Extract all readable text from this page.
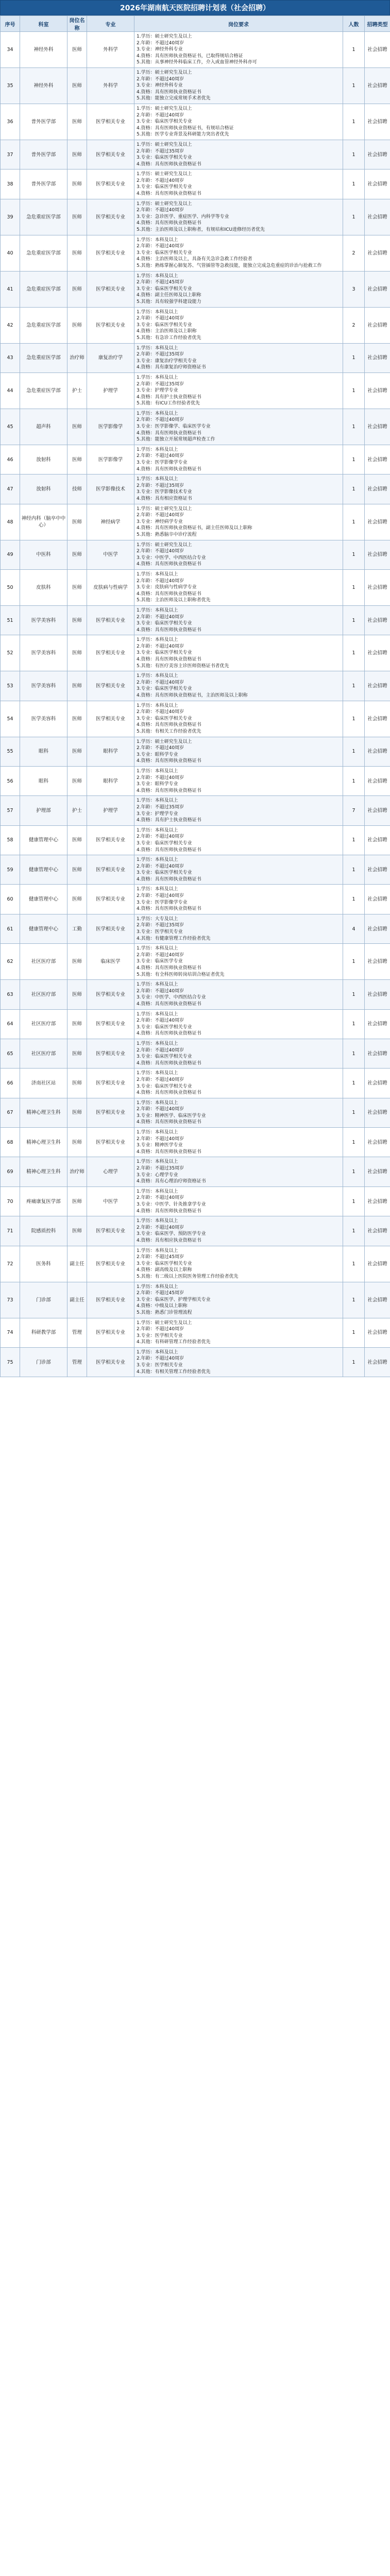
2026年湖南航天医院招聘计划表（社会招聘）
序号	科室	岗位名称	专业	岗位要求	人数	招聘类型
34	神经外科	医师	外科学	1.学历：硕士研究生及以上
2.年龄：不超过40周岁
3.专业：神经外科专业
4.资格：具有医师执业资格证书，已取得规培合格证
5.其他：从事神经外科临床工作，介入或血管神经外科亦可	1	社会招聘
35	神经外科	医师	外科学	1.学历：硕士研究生及以上
2.年龄：不超过40周岁
3.专业：神经外科专业
4.资格：具有医师执业资格证书
5.其他：能独立完成常规手术者优先	1	社会招聘
36	普外医学部	医师	医学相关专业	1.学历：硕士研究生及以上
2.年龄：不超过40周岁
3.专业：临床医学相关专业
4.资格：具有医师执业资格证书，有规培合格证
5.其他：医学专业背景及科研能力突出者优先	1	社会招聘
37	普外医学部	医师	医学相关专业	1.学历：硕士研究生及以上
2.年龄：不超过35周岁
3.专业：临床医学相关专业
4.资格：具有医师执业资格证书	1	社会招聘
38	普外医学部	医师	医学相关专业	1.学历：硕士研究生及以上
2.年龄：不超过40周岁
3.专业：临床医学相关专业
4.资格：具有医师执业资格证书	1	社会招聘
39	急危重症医学部	医师	医学相关专业	1.学历：硕士研究生及以上
2.年龄：不超过40周岁
3.专业：急诊医学、重症医学、内科学等专业
4.资格：具有医师执业资格证书
5.其他：主治医师及以上职称者，有规培和ICU进修经历者优先	1	社会招聘
40	急危重症医学部	医师	医学相关专业	1.学历：本科及以上
2.年龄：不超过40周岁
3.专业：临床医学相关专业
4.资格：主治医师及以上，具备有关急诊急救工作经验者
5.其他：熟练掌握心肺复苏、气管插管等急救技能，能独立完成急危重症的诊治与抢救工作	2	社会招聘
41	急危重症医学部	医师	医学相关专业	1.学历：本科及以上
2.年龄：不超过45周岁
3.专业：临床医学相关专业
4.资格：副主任医师及以上职称
5.其他：具有较强学科建设能力	3	社会招聘
42	急危重症医学部	医师	医学相关专业	1.学历：本科及以上
2.年龄：不超过40周岁
3.专业：临床医学相关专业
4.资格：主治医师及以上职称
5.其他：有急诊工作经验者优先	2	社会招聘
43	急危重症医学部	治疗师	康复治疗学	1.学历：本科及以上
2.年龄：不超过35周岁
3.专业：康复治疗学相关专业
4.资格：具有康复治疗师资格证书	1	社会招聘
44	急危重症医学部	护士	护理学	1.学历：本科及以上
2.年龄：不超过35周岁
3.专业：护理学专业
4.资格：具有护士执业资格证书
5.其他：有ICU工作经验者优先	1	社会招聘
45	超声科	医师	医学影像学	1.学历：本科及以上
2.年龄：不超过40周岁
3.专业：医学影像学、临床医学专业
4.资格：具有医师执业资格证书
5.其他：能独立开展常规超声检查工作	1	社会招聘
46	放射科	医师	医学影像学	1.学历：本科及以上
2.年龄：不超过40周岁
3.专业：医学影像学专业
4.资格：具有医师执业资格证书	1	社会招聘
47	放射科	技师	医学影像技术	1.学历：本科及以上
2.年龄：不超过35周岁
3.专业：医学影像技术专业
4.资格：具有相应资格证书	1	社会招聘
48	神经内科（脑卒中中心）	医师	神经病学	1.学历：硕士研究生及以上
2.年龄：不超过40周岁
3.专业：神经病学专业
4.资格：具有医师执业资格证书，副主任医师及以上职称
5.其他：熟悉脑卒中诊疗流程	1	社会招聘
49	中医科	医师	中医学	1.学历：硕士研究生及以上
2.年龄：不超过40周岁
3.专业：中医学、中西医结合专业
4.资格：具有医师执业资格证书	1	社会招聘
50	皮肤科	医师	皮肤病与性病学	1.学历：本科及以上
2.年龄：不超过40周岁
3.专业：皮肤病与性病学专业
4.资格：具有医师执业资格证书
5.其他：主治医师及以上职称者优先	1	社会招聘
51	医学美容科	医师	医学相关专业	1.学历：本科及以上
2.年龄：不超过40周岁
3.专业：临床医学相关专业
4.资格：具有医师执业资格证书	1	社会招聘
52	医学美容科	医师	医学相关专业	1.学历：本科及以上
2.年龄：不超过40周岁
3.专业：临床医学相关专业
4.资格：具有医师执业资格证书
5.其他：有医疗美容主诊医师资格证书者优先	1	社会招聘
53	医学美容科	医师	医学相关专业	1.学历：本科及以上
2.年龄：不超过40周岁
3.专业：临床医学相关专业
4.资格：具有医师执业资格证书，主治医师及以上职称	1	社会招聘
54	医学美容科	医师	医学相关专业	1.学历：本科及以上
2.年龄：不超过40周岁
3.专业：临床医学相关专业
4.资格：具有医师执业资格证书
5.其他：有相关工作经验者优先	1	社会招聘
55	眼科	医师	眼科学	1.学历：硕士研究生及以上
2.年龄：不超过40周岁
3.专业：眼科学专业
4.资格：具有医师执业资格证书	1	社会招聘
56	眼科	医师	眼科学	1.学历：本科及以上
2.年龄：不超过40周岁
3.专业：眼科学专业
4.资格：具有医师执业资格证书	1	社会招聘
57	护理部	护士	护理学	1.学历：本科及以上
2.年龄：不超过35周岁
3.专业：护理学专业
4.资格：具有护士执业资格证书	7	社会招聘
58	健康管理中心	医师	医学相关专业	1.学历：本科及以上
2.年龄：不超过40周岁
3.专业：临床医学相关专业
4.资格：具有医师执业资格证书	1	社会招聘
59	健康管理中心	医师	医学相关专业	1.学历：本科及以上
2.年龄：不超过40周岁
3.专业：临床医学相关专业
4.资格：具有医师执业资格证书	1	社会招聘
60	健康管理中心	医师	医学相关专业	1.学历：本科及以上
2.年龄：不超过40周岁
3.专业：医学影像学专业
4.资格：具有医师执业资格证书	1	社会招聘
61	健康管理中心	工勤	医学相关专业	1.学历：大专及以上
2.年龄：不超过35周岁
3.专业：医学相关专业
4.其他：有健康管理工作经验者优先	4	社会招聘
62	社区医疗部	医师	临床医学	1.学历：本科及以上
2.年龄：不超过40周岁
3.专业：临床医学专业
4.资格：具有医师执业资格证书
5.其他：有全科医师转岗培训合格证者优先	1	社会招聘
63	社区医疗部	医师	医学相关专业	1.学历：本科及以上
2.年龄：不超过40周岁
3.专业：中医学、中西医结合专业
4.资格：具有医师执业资格证书	1	社会招聘
64	社区医疗部	医师	医学相关专业	1.学历：本科及以上
2.年龄：不超过40周岁
3.专业：临床医学相关专业
4.资格：具有医师执业资格证书	1	社会招聘
65	社区医疗部	医师	医学相关专业	1.学历：本科及以上
2.年龄：不超过40周岁
3.专业：临床医学相关专业
4.资格：具有医师执业资格证书	1	社会招聘
66	济南社区站	医师	医学相关专业	1.学历：本科及以上
2.年龄：不超过40周岁
3.专业：临床医学相关专业
4.资格：具有医师执业资格证书	1	社会招聘
67	精神心理卫生科	医师	医学相关专业	1.学历：本科及以上
2.年龄：不超过40周岁
3.专业：精神医学、临床医学专业
4.资格：具有医师执业资格证书	1	社会招聘
68	精神心理卫生科	医师	医学相关专业	1.学历：本科及以上
2.年龄：不超过40周岁
3.专业：精神医学专业
4.资格：具有医师执业资格证书	1	社会招聘
69	精神心理卫生科	治疗师	心理学	1.学历：本科及以上
2.年龄：不超过35周岁
3.专业：心理学专业
4.资格：具有心理治疗师资格证书	1	社会招聘
70	疼痛康复医学部	医师	中医学	1.学历：本科及以上
2.年龄：不超过40周岁
3.专业：中医学、针灸推拿学专业
4.资格：具有医师执业资格证书	1	社会招聘
71	院感质控科	医师	医学相关专业	1.学历：本科及以上
2.年龄：不超过40周岁
3.专业：临床医学、预防医学专业
4.资格：具有相应执业资格证书	1	社会招聘
72	医务科	副主任	医学相关专业	1.学历：本科及以上
2.年龄：不超过45周岁
3.专业：临床医学相关专业
4.资格：副高级及以上职称
5.其他：有二级以上医院医务管理工作经验者优先	1	社会招聘
73	门诊部	副主任	医学相关专业	1.学历：本科及以上
2.年龄：不超过45周岁
3.专业：临床医学、护理学相关专业
4.资格：中级及以上职称
5.其他：熟悉门诊管理流程	1	社会招聘
74	科研教学部	管理	医学相关专业	1.学历：硕士研究生及以上
2.年龄：不超过40周岁
3.专业：医学相关专业
4.其他：有科研管理工作经验者优先	1	社会招聘
75	门诊部	管理	医学相关专业	1.学历：本科及以上
2.年龄：不超过40周岁
3.专业：医学相关专业
4.其他：有相关管理工作经验者优先	1	社会招聘
